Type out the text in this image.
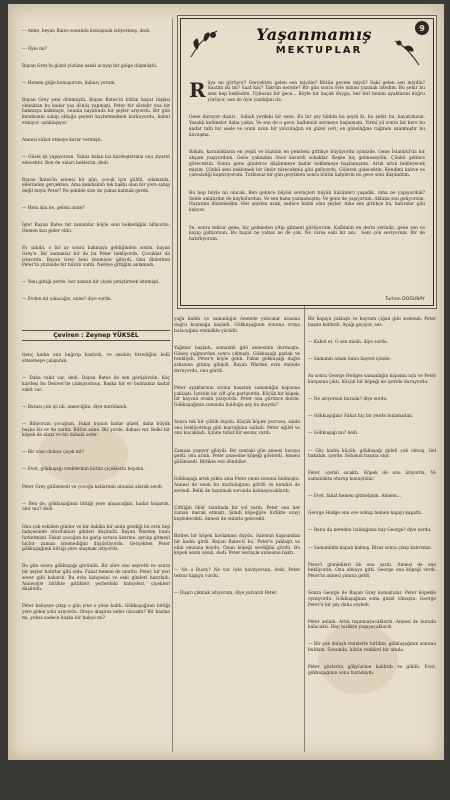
— Anne, beyan Bates sonunda konuşmak istiyormuş, dedi.

— Öyle mi?

Bayan Grey'in güzel yüzüne sanki acayip bir gölge düşmüştü.

— Hemen göğe konuşurum, dahası yorum.

Bayan Grey yeni dönmüştü. Bayan Bates'in bütün hayat ilişkisi olmaktan bu kadar yaş dönüş yapmıştı. Peter bir süredir ona bir bakmaya kalkmıştı, onunla hayatında bir şeyler arıyordu. Bir gün kendisinin sahip olduğu şeyleri kaybetmekten korkuyordu, kabul etmiyor, uzaklaşıyor.

Annesi sükut etmeye karar vermişti.

— Güzel iyi yapıyorsun. Yalnız kalan kız kardeşlerimiz onu ziyaret edecektir. Ben de onları beklerim, dedi.

Bayan Bates'in annesi bir gün, çocuk için güldü, odamızda, ellerinden gerçekten. Ama kendisinin tek hakkı olan bir yere sahip değil miyiz Peter? Bu şekilde size de yalnız kalmak gerek.

— Hem işin ne, gelsin anne?

İşte! Bayan Bates bir zamanlar böyle seni beklediğini biliyordu. Hemen kızı gider oldu.

Ev sahibi, o bir ay sonra bakmaya geldiğinden sonra, bayan Grey'e. Bir zamanlar bir de bu Peter bekliyordu. Çocuklar da istiyordu. Bayan Grey beni istemiyor gibiydi. Onu dinlerken Peter'in yüzünde bir hüzün vardı. Nereye gittiğini anlamadı.

— Yeni gittiği yerde, her zaman bir çiçek yetiştirmek istemişti.

— Evden mi çıkacağız, anne? diye sordu.

Çeviren : Zeynep YÜKSEL

Genç kadın onu bağırıp bastırdı, ve sesinin titrediğini belli etmemeye çalışarak:

— Daha vakit var, dedi. Bayan Bates ile sen görüşürsün. Kaç kardeşi bu Denver'de çalışıyormuş. Başka bir ev bulmamız kadar vakit var.

— Burası çok iyi idi, anneciğim, diye mırıldandı.

— Biliyorum çocuğum. Fakat bunun kadar güzel, daha büyük başka bir ev de vardır. Bütün anne. Bir yerde, dahası var. Belki bir köpek de alırız ve bir dahaki sefer.

— Bir vazo dolusu çiçek mi?

— Evet, gökkuşağı renklerinin bütün çiçeklerin hepsini.

Peter Grey gülümsedi ve çocuğu kollarının arasına alarak sevdi.

— Ben de, gökkuşağının bittiği yere ulaşacağım, kadar koşarım, olur mu? dedi.

Onu çok eskiden günler ve bir dakika bir anda gezdiği bu evin hep bahçesinde oturdukları günleri düşündü. Bayan Warden bunu farketmişti. Fakat çocuğun bu garip sorusu üzerine, ayrılıp gitmeyi hiçbir zaman istemediğini düşünüyordu. Gerçekten Peter gökkuşağının bittiği yere ulaşmak istiyordu.

Bu gün sonra gökkuşağı göründü. Bir süre onu seyretti ve sonra bir şeyler hatırlar gibi oldu. Fakat hemen de unuttu. Peter, bir yeri sever gibi bakardı. Bu evin bahçesini ve eski günleri hatırladı. Annesiyle birlikte gittikleri yerlerdeki bahçeleri, çiçekleri düşündü.

Peter bahçeye çıkıp o gün yine o yöne baktı. Gökkuşağının bittiği yere giden yolu arıyordu. Oraya ulaşırsa neler olacaktı? Bir hazine mi, yoksa sadece başka bir bahçe mi?

9
Yaşanmamış
MEKTUPLAR

Rüya mı görüyor? Gerçekten gelen sen miydin? Bütün gecem miydi? Saki gelen sen miydin? Saatim iki mi? Saat kaç? Takvim nerede? Bir gün sonra öyle ismini yazmak istedim. Bu şehir bu seni hep bekledim. Uykusuz bir gece... Böyle bir kaçak duygu, her biri benim ayaklarım doğru yürüyor, sen de öyle yazdığını da.

Gene duruyor dışarı.  Sabah yerdeki bir sene. Bu bir şey bildim bu şeydi ki, bu şehir bu, hayatımızın. Yasaklı kelimeler daha yakın. Ve sen de o gece, kalbimizi sevmeye başlamıştı. Yirmi yıl sonra bir kere bu kadar tatlı bir sesle ve onun uzun bir yolculuğun en güzel yeri, en güzelliğine rağmen uzanmıştır bu kavuşma.

Bakım, karanlıkların en yeşili ve hüznün en pembesi gittikçe büyüyordu içimizde. Gene İstanbul'da bir akşam yaşıyordum. Gene yakından önce karardı sokaklar. Keşke hiç gelmeseydin. Çünkü gelince görecektin. Sonra gene günlerce düşünmeye kadar beklemeye başlamıştım. Artık artık bekleyecek miyim. Çünkü seni beklemek bir ömür sürecekmiş gibi geliyordu. Gülerek gidecektin. Kendimi kahve ve çaresizliği kaptırıyorum. Tutkusuz bir gün geçtikten sonra bütün kalplerin bu gece seni düşündüm.

Bu hep böyle mi olacak. Ben gelince büyük sevinçleri büyük hüzünleri yaşadık. Ama ne yapıyorduk? Senle anlatırdın de kaybolurdun. Ve sen bana yazmamıştın. Ve gene de yaşıyorum. Aklıma sen geliyorsun. Hayatımı düzenledim. Her şeyden uzak, sadece bizim olan şeyler. Ama sen gittikçe bu, hatıralar gibi kalıyor.

Ve, sonra tekrar gene, hiç gelmeden yitip gitmeni görüyorum. Kalbimin en derin yerinde, gene sen ve kayıp gidiyorsun. Bu hayat ne yalnız ne de çok. Ne varsa eski bir anı.  Seni çok seviyorum. Bir de hatırlıyorum.

Turhan DOĞUBAY

yağa kalktı ve samanlığın önelede yoncalar arasına doğru koşmağa başladı. Gökkuşağının sonunu oraya bulacağına eminlikle yürüdü.

Yağmur başladı, samanlık gibi annesinin durmuştu. Güneş yağmurdan sonra çıkmıştı. Gökkuşağı parlak ve renkliydi. Peter'e böyle geldi. Fakat gökkuşağı dağın arkasına gitmiş gibiydi. Bayan Warden evin önünde duruyordu, onu gördü.

Peter ayaklarının ucuna basarak samanlığın kapısına yaklaştı. İçeride bir çift göz parlıyordu. Küçük bir köpek, bir hayvan orada yatıyordu. Peter onu görünce durdu. Gökkuşağının sonunda bulduğu şey bu muydu?

Sonra tek bir çiftlik duydu. Küçük köpek yavrusu, sanki onu bekliyormuş gibi kuyruğunu salladı. Peter eğildi ve onu kucakladı. İçinde tuhaf bir sevinç vardı.

Zamanı yaşıyor gibiydi. Bir sonraki gün annesi buraya geldi, onu aradı. Peter annesine köpeği gösterdi. Annesi gülümsedi. Birlikte eve döndüler.

Gökkuşağı artık yoktu ama Peter onun sonunu bulmuştu. Annesi de onun bu mutluluğunu gördü ve kendisi de sevindi. Belki de taşınmak zorunda kalmayacaklardı.

Çiftliğin öbür tarafında bir yol vardı. Peter onu her zaman merak etmişti. Şimdi köpeğiyle birlikte orayı keşfedecekti. Annesi de onlarla gelecekti.

Birden bir köpek havlaması duydu. Salonun kapısından bir kadın girdi. Bayan Bates'ti bu. Peter'e yaklaştı ve elini omzuna koydu. Onun köpeği sevdiğini gördü. Bu köpek senin olsun, dedi. Peter sevinçle annesine baktı.

— Ne o Rusty? Ne var öyle havlıyorsun, dedi. Peter tekrar kapıya vurdu.

— Dışarı çıkmak istiyorum, diye yalvardı Peter.

Bir kapıya yaklaştı ve bayram çiğan gibi seslendi. Peter başını kaldırdı. Ayağı geçiyor, ses:

— Kabul et. O sen misin, diye sordu.

— Samanın adam bunu hayret içinde:

As sonra George Hodges samanlığın kapısını açtı ve Peter karşısına çıktı. Küçük bir köpeği de içeride duruyordu.

— Ne arıyorsun burada? diye sordu.

— Gökkuşağını! Fakat hiç bir yerde bulamadım.

— Gökkuşağı mı? dedi.

— Göç kadın küçük, gökkuşağı gideli çok olmuş. Gel bakalım, içerde. Sobanın başına otur.

Peter, içerisi sıcaktı. Köpek de onu izliyordu. Ve samanlıkta oturup konuştular.

— Evet, fakat hemen gitmeliyim. Annem...

George Hodge onu eve sokup hemen kapıyı kapattı.

— Bunu da nereden bulduğunu bay George? diye sordu.

— Samanlıkta kapalı kalmış. Biraz sonra çıkıp kalırsınız.

Peter'i gömlekleri ile onu sardı. Annesi de onu bekliyordu. Onu almaya gitti. George ona köpeği verdi. Peter'in annesi yanına geldi.

Sonra George ile Bayan Grey konuştular. Peter köpekle oynuyordu. Gökkuşağının sonu güzel olmuştu. George Peter'e bir şey daha söyledi.

Peter anladı. Artık taşınmayacaklardı. Annesi de burada kalacaktı. Hep birlikte yaşayacaklardı.

— Bir çok dolaylı renklerle birlikte, gökkuşağının sonunu buldum. Sonunda, bütün renkleri bir arada.

Peter gözlerini gökyüzüne kaldırdı ve güldü. Evet, gökkuşağının sonu buradaydı.
